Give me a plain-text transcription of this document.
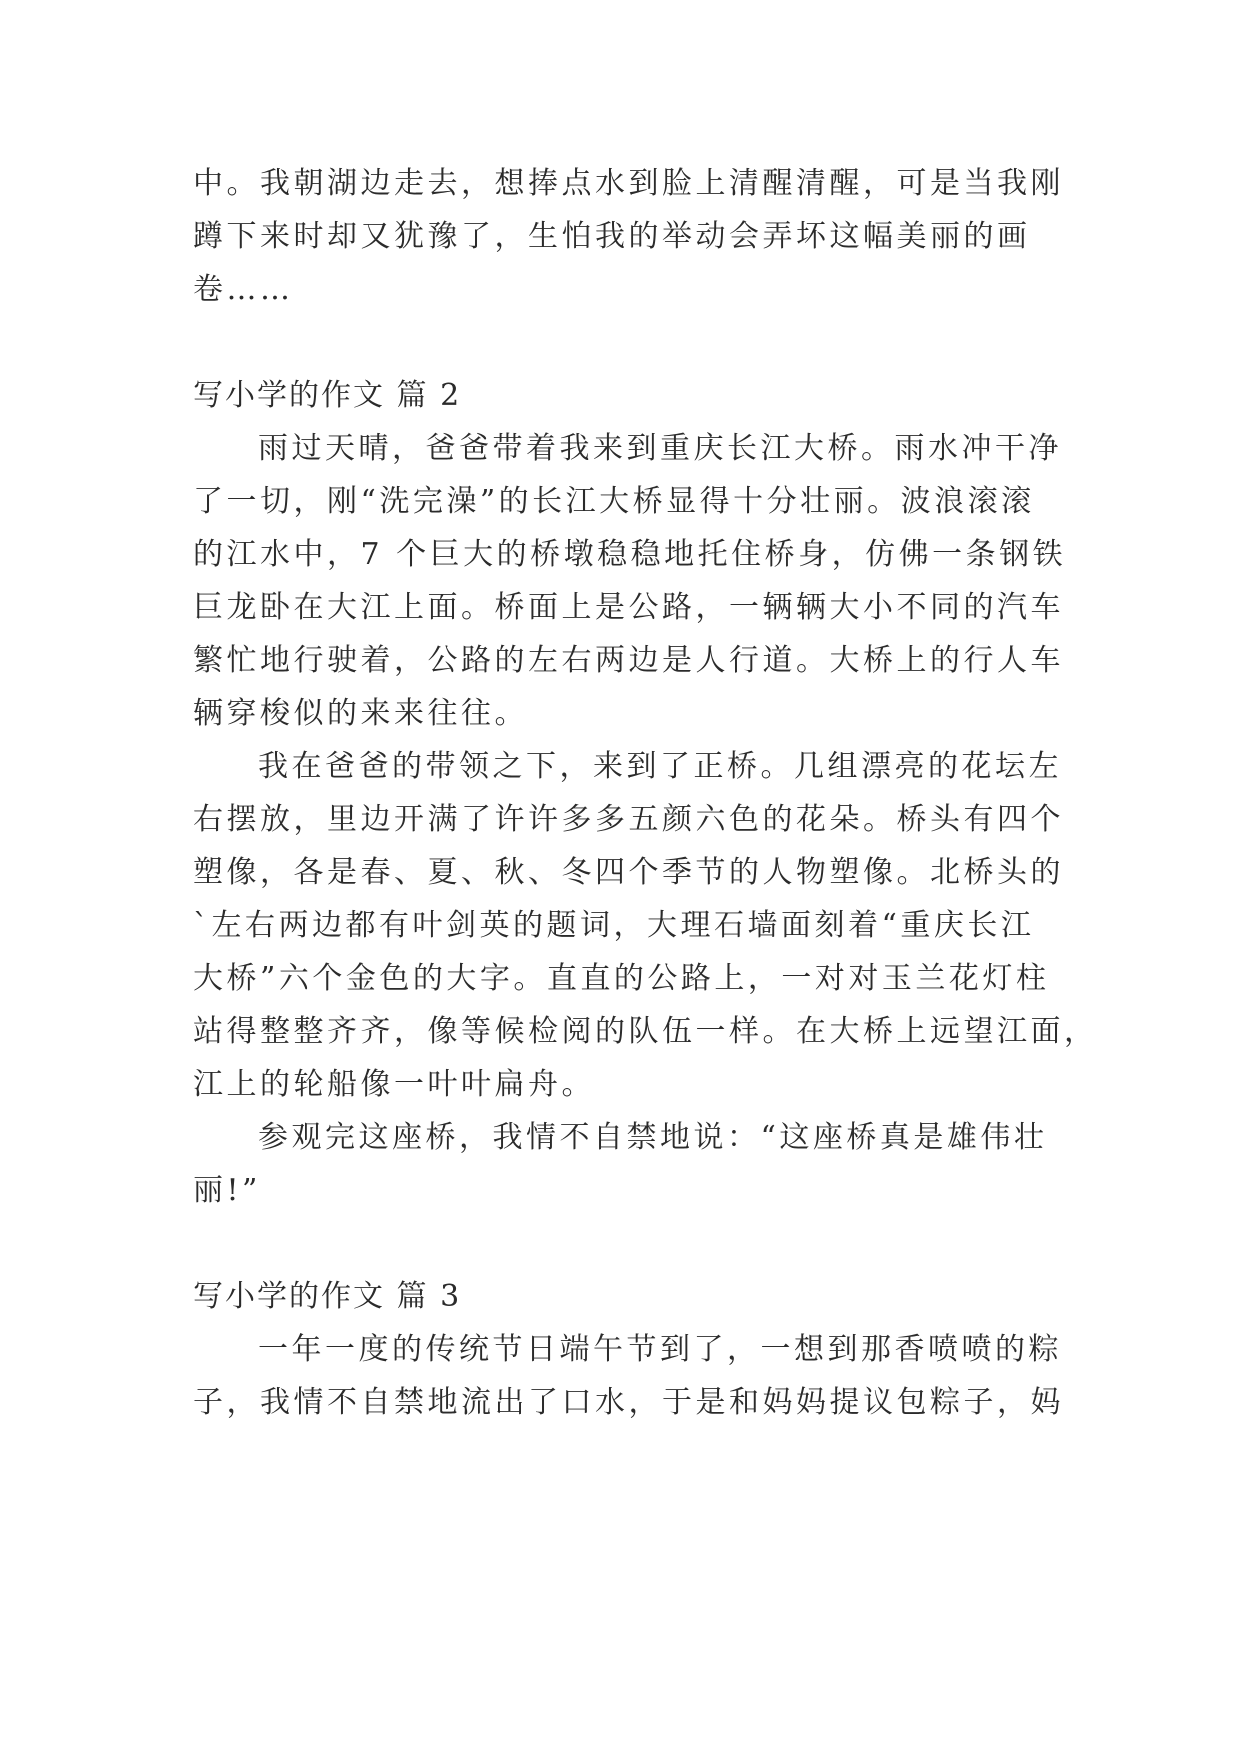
中。我朝湖边走去，想捧点水到脸上清醒清醒，可是当我刚
蹲下来时却又犹豫了，生怕我的举动会弄坏这幅美丽的画
卷……
写小学的作文 篇 2
雨过天晴，爸爸带着我来到重庆长江大桥。雨水冲干净
了一切，刚“洗完澡”的长江大桥显得十分壮丽。波浪滚滚
的江水中，7 个巨大的桥墩稳稳地托住桥身，仿佛一条钢铁
巨龙卧在大江上面。桥面上是公路，一辆辆大小不同的汽车
繁忙地行驶着，公路的左右两边是人行道。大桥上的行人车
辆穿梭似的来来往往。
我在爸爸的带领之下，来到了正桥。几组漂亮的花坛左
右摆放，里边开满了许许多多五颜六色的花朵。桥头有四个
塑像，各是春、夏、秋、冬四个季节的人物塑像。北桥头的
`左右两边都有叶剑英的题词，大理石墙面刻着“重庆长江
大桥”六个金色的大字。直直的公路上，一对对玉兰花灯柱
站得整整齐齐，像等候检阅的队伍一样。在大桥上远望江面，
江上的轮船像一叶叶扁舟。
参观完这座桥，我情不自禁地说：“这座桥真是雄伟壮
丽!”
写小学的作文 篇 3
一年一度的传统节日端午节到了，一想到那香喷喷的粽
子，我情不自禁地流出了口水，于是和妈妈提议包粽子，妈
